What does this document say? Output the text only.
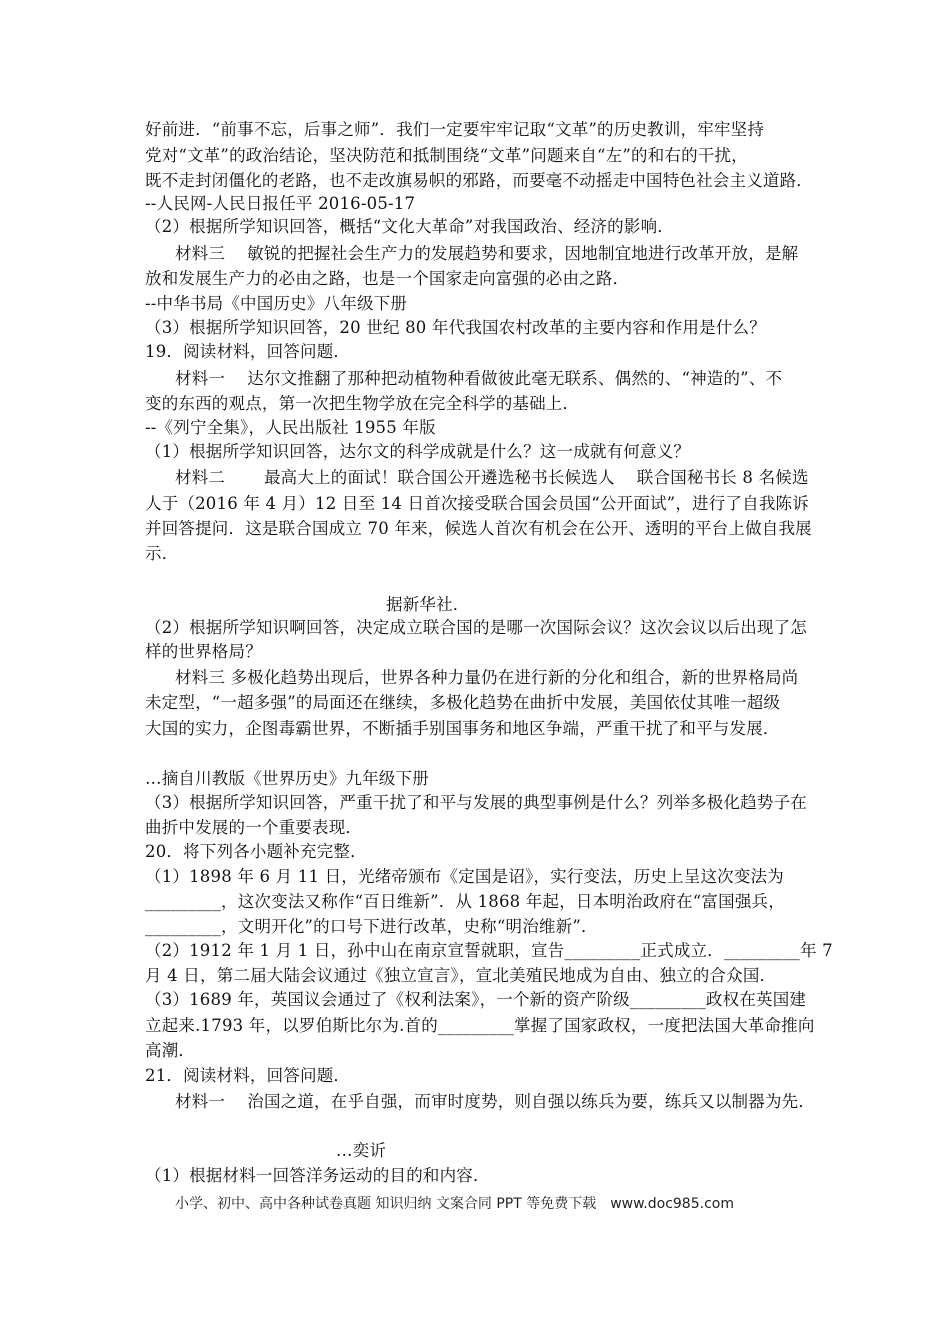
好前进．“前事不忘，后事之师”．我们一定要牢牢记取“文革”的历史教训，牢牢坚持
党对“文革”的政治结论，坚决防范和抵制围绕“文革”问题来自“左”的和右的干扰，
既不走封闭僵化的老路，也不走改旗易帜的邪路，而要毫不动摇走中国特色社会主义道路．
--人民网-人民日报任平 2016-05-17
（2）根据所学知识回答，概括“文化大革命”对我国政治、经济的影响．
材料三　 敏锐的把握社会生产力的发展趋势和要求，因地制宜地进行改革开放，是解
放和发展生产力的必由之路，也是一个国家走向富强的必由之路．
--中华书局《中国历史》八年级下册
（3）根据所学知识回答，20 世纪 80 年代我国农村改革的主要内容和作用是什么？
19．阅读材料，回答问题．
材料一　 达尔文推翻了那种把动植物种看做彼此毫无联系、偶然的、“神造的”、不
变的东西的观点，第一次把生物学放在完全科学的基础上．
--《列宁全集》，人民出版社 1955 年版
（1）根据所学知识回答，达尔文的科学成就是什么？这一成就有何意义？
材料二　　 最高大上的面试！联合国公开遴选秘书长候选人　 联合国秘书长 8 名候选
人于（2016 年 4 月）12 日至 14 日首次接受联合国会员国“公开面试”，进行了自我陈诉
并回答提问．这是联合国成立 70 年来，候选人首次有机会在公开、透明的平台上做自我展
示．
据新华社．
（2）根据所学知识啊回答，决定成立联合国的是哪一次国际会议？这次会议以后出现了怎
样的世界格局？
材料三 多极化趋势出现后，世界各种力量仍在进行新的分化和组合，新的世界格局尚
未定型，“一超多强”的局面还在继续，多极化趋势在曲折中发展，美国依仗其唯一超级
大国的实力，企图毒霸世界，不断插手别国事务和地区争端，严重干扰了和平与发展．
…摘自川教版《世界历史》九年级下册
（3）根据所学知识回答，严重干扰了和平与发展的典型事例是什么？列举多极化趋势子在
曲折中发展的一个重要表现．
20．将下列各小题补充完整．
（1）1898 年 6 月 11 日，光绪帝颁布《定国是诏》，实行变法，历史上呈这次变法为
_________，这次变法又称作“百日维新”．从 1868 年起，日本明治政府在“富国强兵，
_________，文明开化”的口号下进行改革，史称“明治维新”．
（2）1912 年 1 月 1 日，孙中山在南京宣誓就职，宣告_________正式成立．_________年 7
月 4 日，第二届大陆会议通过《独立宣言》，宣北美殖民地成为自由、独立的合众国．
（3）1689 年，英国议会通过了《权利法案》，一个新的资产阶级_________政权在英国建
立起来.1793 年，以罗伯斯比尔为.首的_________掌握了国家政权，一度把法国大革命推向
高潮．
21．阅读材料，回答问题．
材料一　 治国之道，在乎自强，而审时度势，则自强以练兵为要，练兵又以制器为先．
…奕䜣
（1）根据材料一回答洋务运动的目的和内容．
小学、初中、高中各种试卷真题 知识归纳 文案合同 PPT 等免费下载　www.doc985.com
